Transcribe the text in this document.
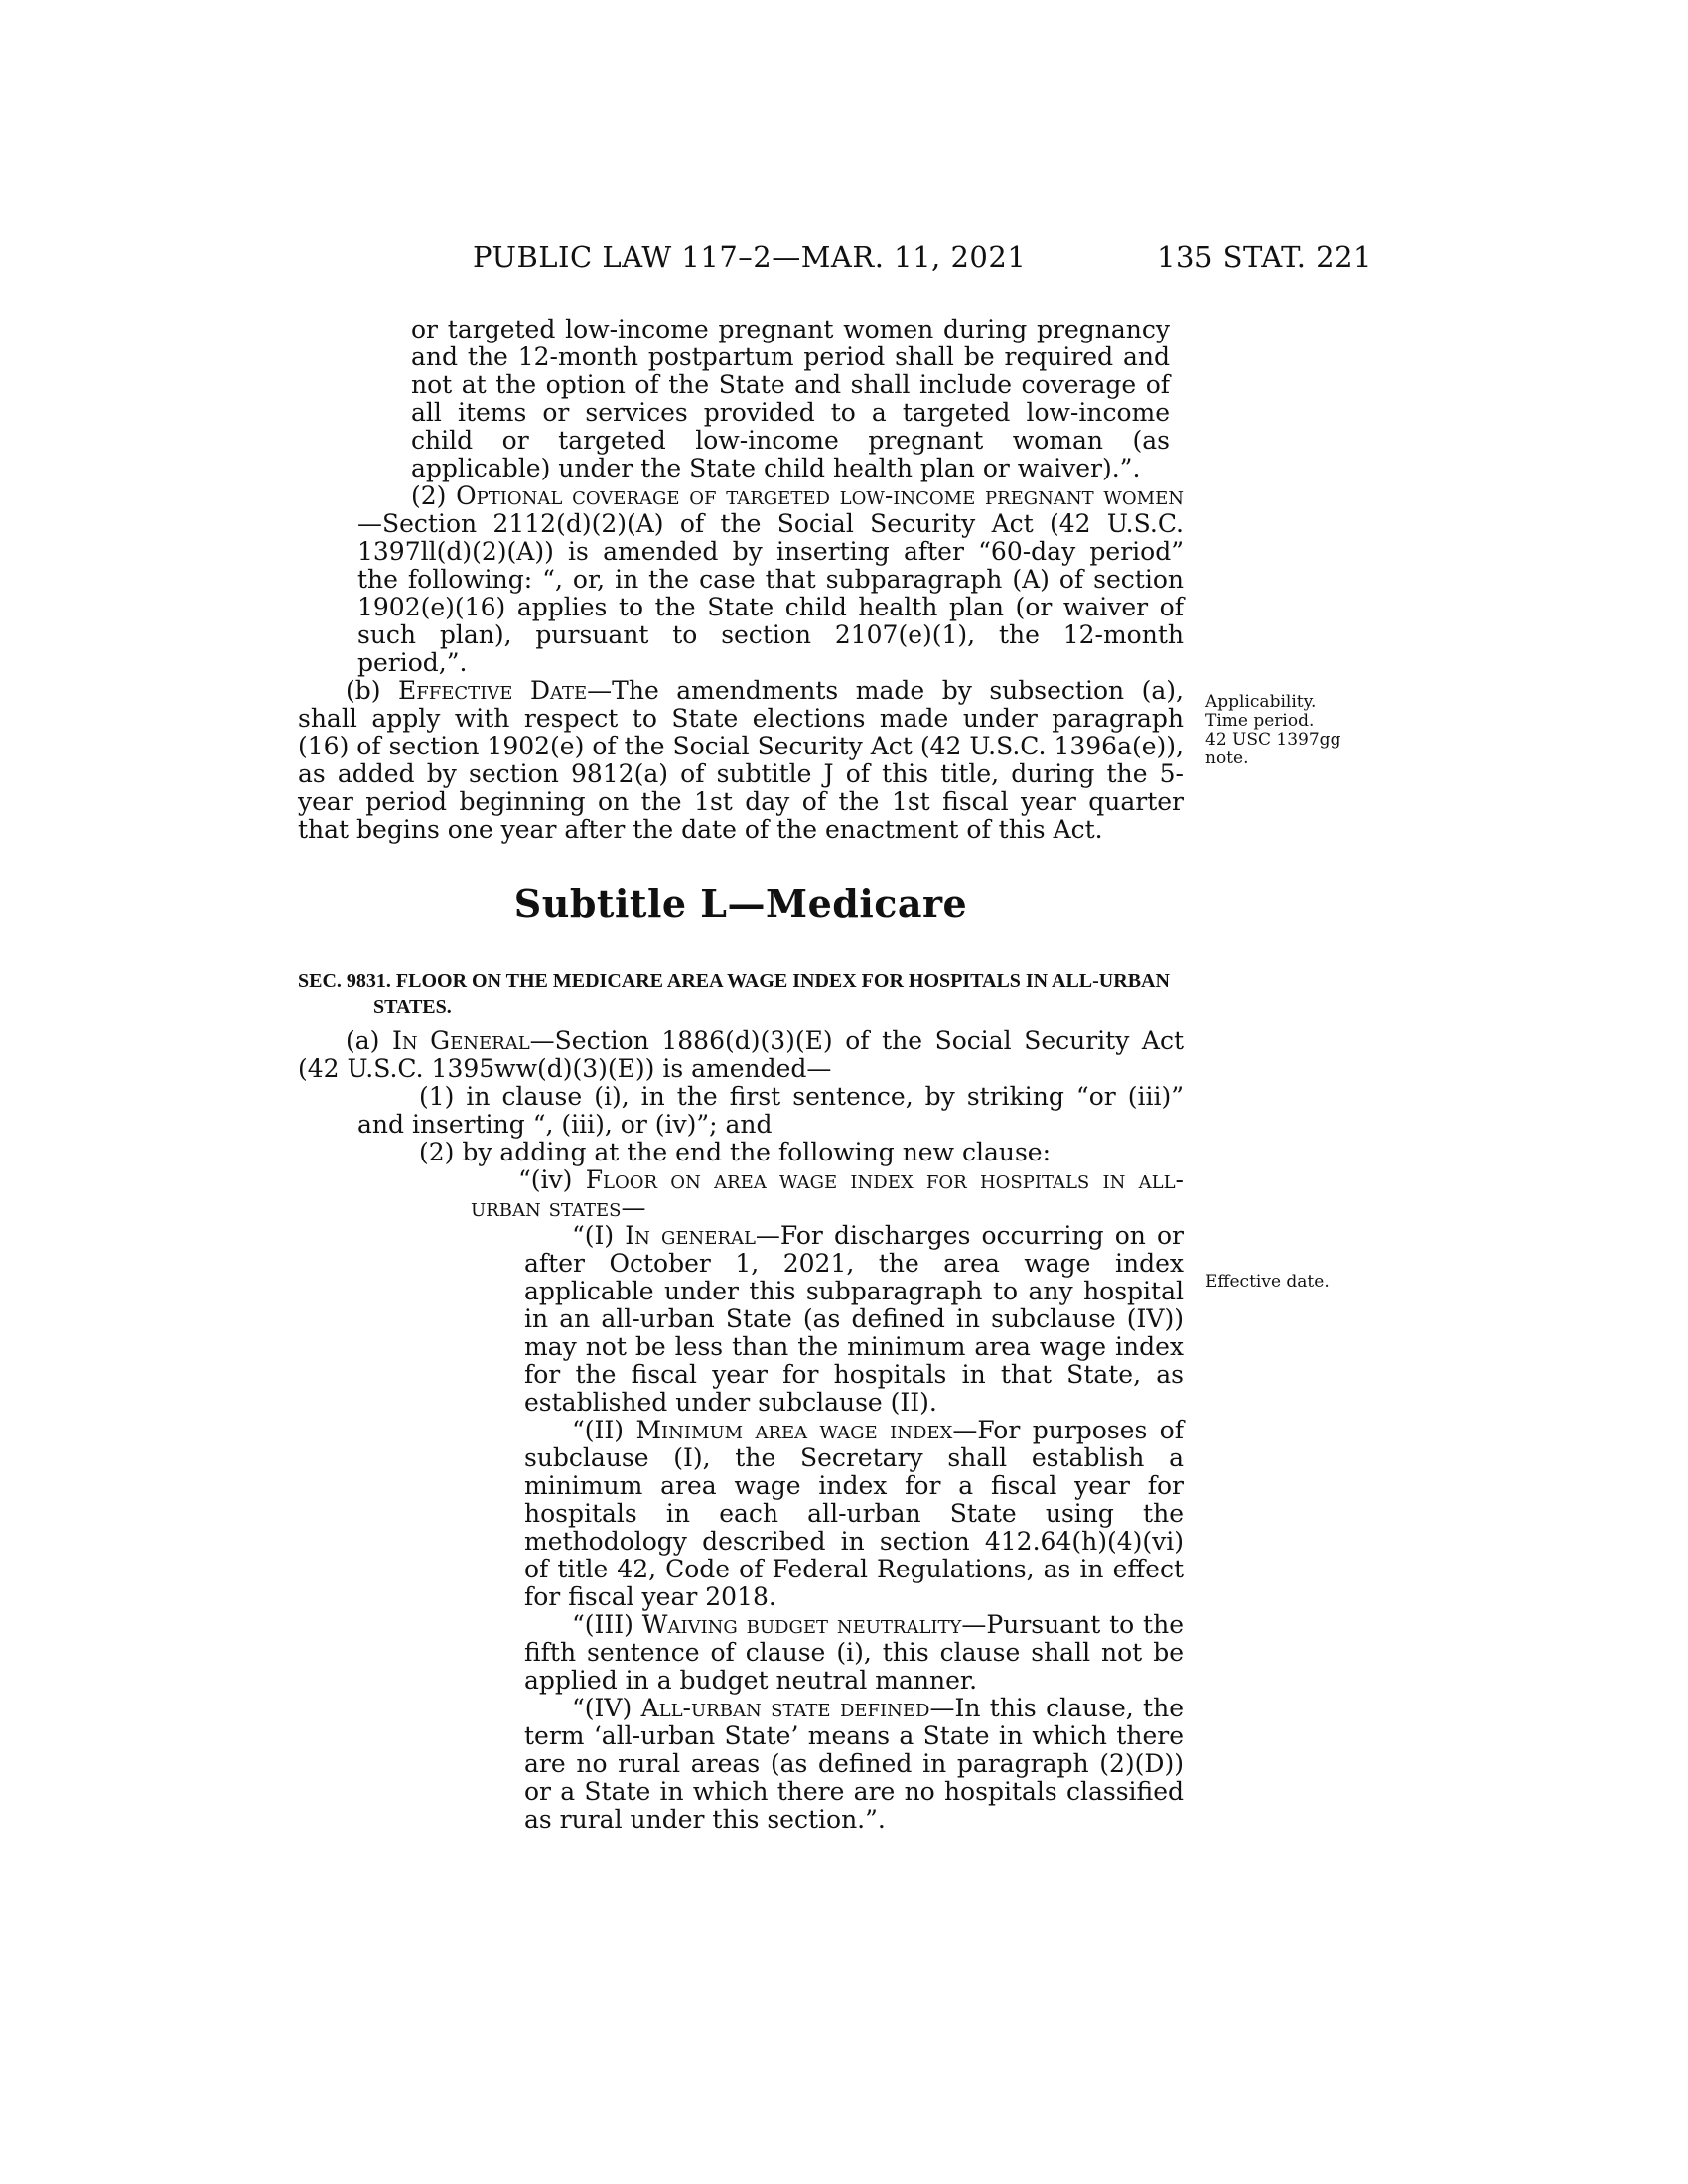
PUBLIC LAW 117–2—MAR. 11, 2021	135 STAT. 221

or targeted low-income pregnant women during pregnancy and the 12-month postpartum period shall be required and not at the option of the State and shall include coverage of all items or services provided to a targeted low-income child or targeted low-income pregnant woman (as applicable) under the State child health plan or waiver).”.

(2) Optional coverage of targeted low-income pregnant women—Section 2112(d)(2)(A) of the Social Security Act (42 U.S.C. 1397ll(d)(2)(A)) is amended by inserting after “60-day period” the following: “, or, in the case that subparagraph (A) of section 1902(e)(16) applies to the State child health plan (or waiver of such plan), pursuant to section 2107(e)(1), the 12-month period,”.

(b) Effective Date—The amendments made by subsection (a), shall apply with respect to State elections made under paragraph (16) of section 1902(e) of the Social Security Act (42 U.S.C. 1396a(e)), as added by section 9812(a) of subtitle J of this title, during the 5-year period beginning on the 1st day of the 1st fiscal year quarter that begins one year after the date of the enactment of this Act.

Subtitle L—Medicare
SEC. 9831. FLOOR ON THE MEDICARE AREA WAGE INDEX FOR HOSPITALS IN ALL-URBAN STATES.

(a) In General—Section 1886(d)(3)(E) of the Social Security Act (42 U.S.C. 1395ww(d)(3)(E)) is amended—

(1) in clause (i), in the first sentence, by striking “or (iii)” and inserting “, (iii), or (iv)”; and

(2) by adding at the end the following new clause:

“(iv) Floor on area wage index for hospitals in all-urban states—

“(I) In general—For discharges occurring on or after October 1, 2021, the area wage index applicable under this subparagraph to any hospital in an all-urban State (as defined in subclause (IV)) may not be less than the minimum area wage index for the fiscal year for hospitals in that State, as established under subclause (II).

“(II) Minimum area wage index—For purposes of subclause (I), the Secretary shall establish a minimum area wage index for a fiscal year for hospitals in each all-urban State using the methodology described in section 412.64(h)(4)(vi) of title 42, Code of Federal Regulations, as in effect for fiscal year 2018.

“(III) Waiving budget neutrality—Pursuant to the fifth sentence of clause (i), this clause shall not be applied in a budget neutral manner.

“(IV) All-urban state defined—In this clause, the term ‘all-urban State’ means a State in which there are no rural areas (as defined in paragraph (2)(D)) or a State in which there are no hospitals classified as rural under this section.”.

Applicability.
Time period.
42 USC 1397gg
note.
Effective date.
